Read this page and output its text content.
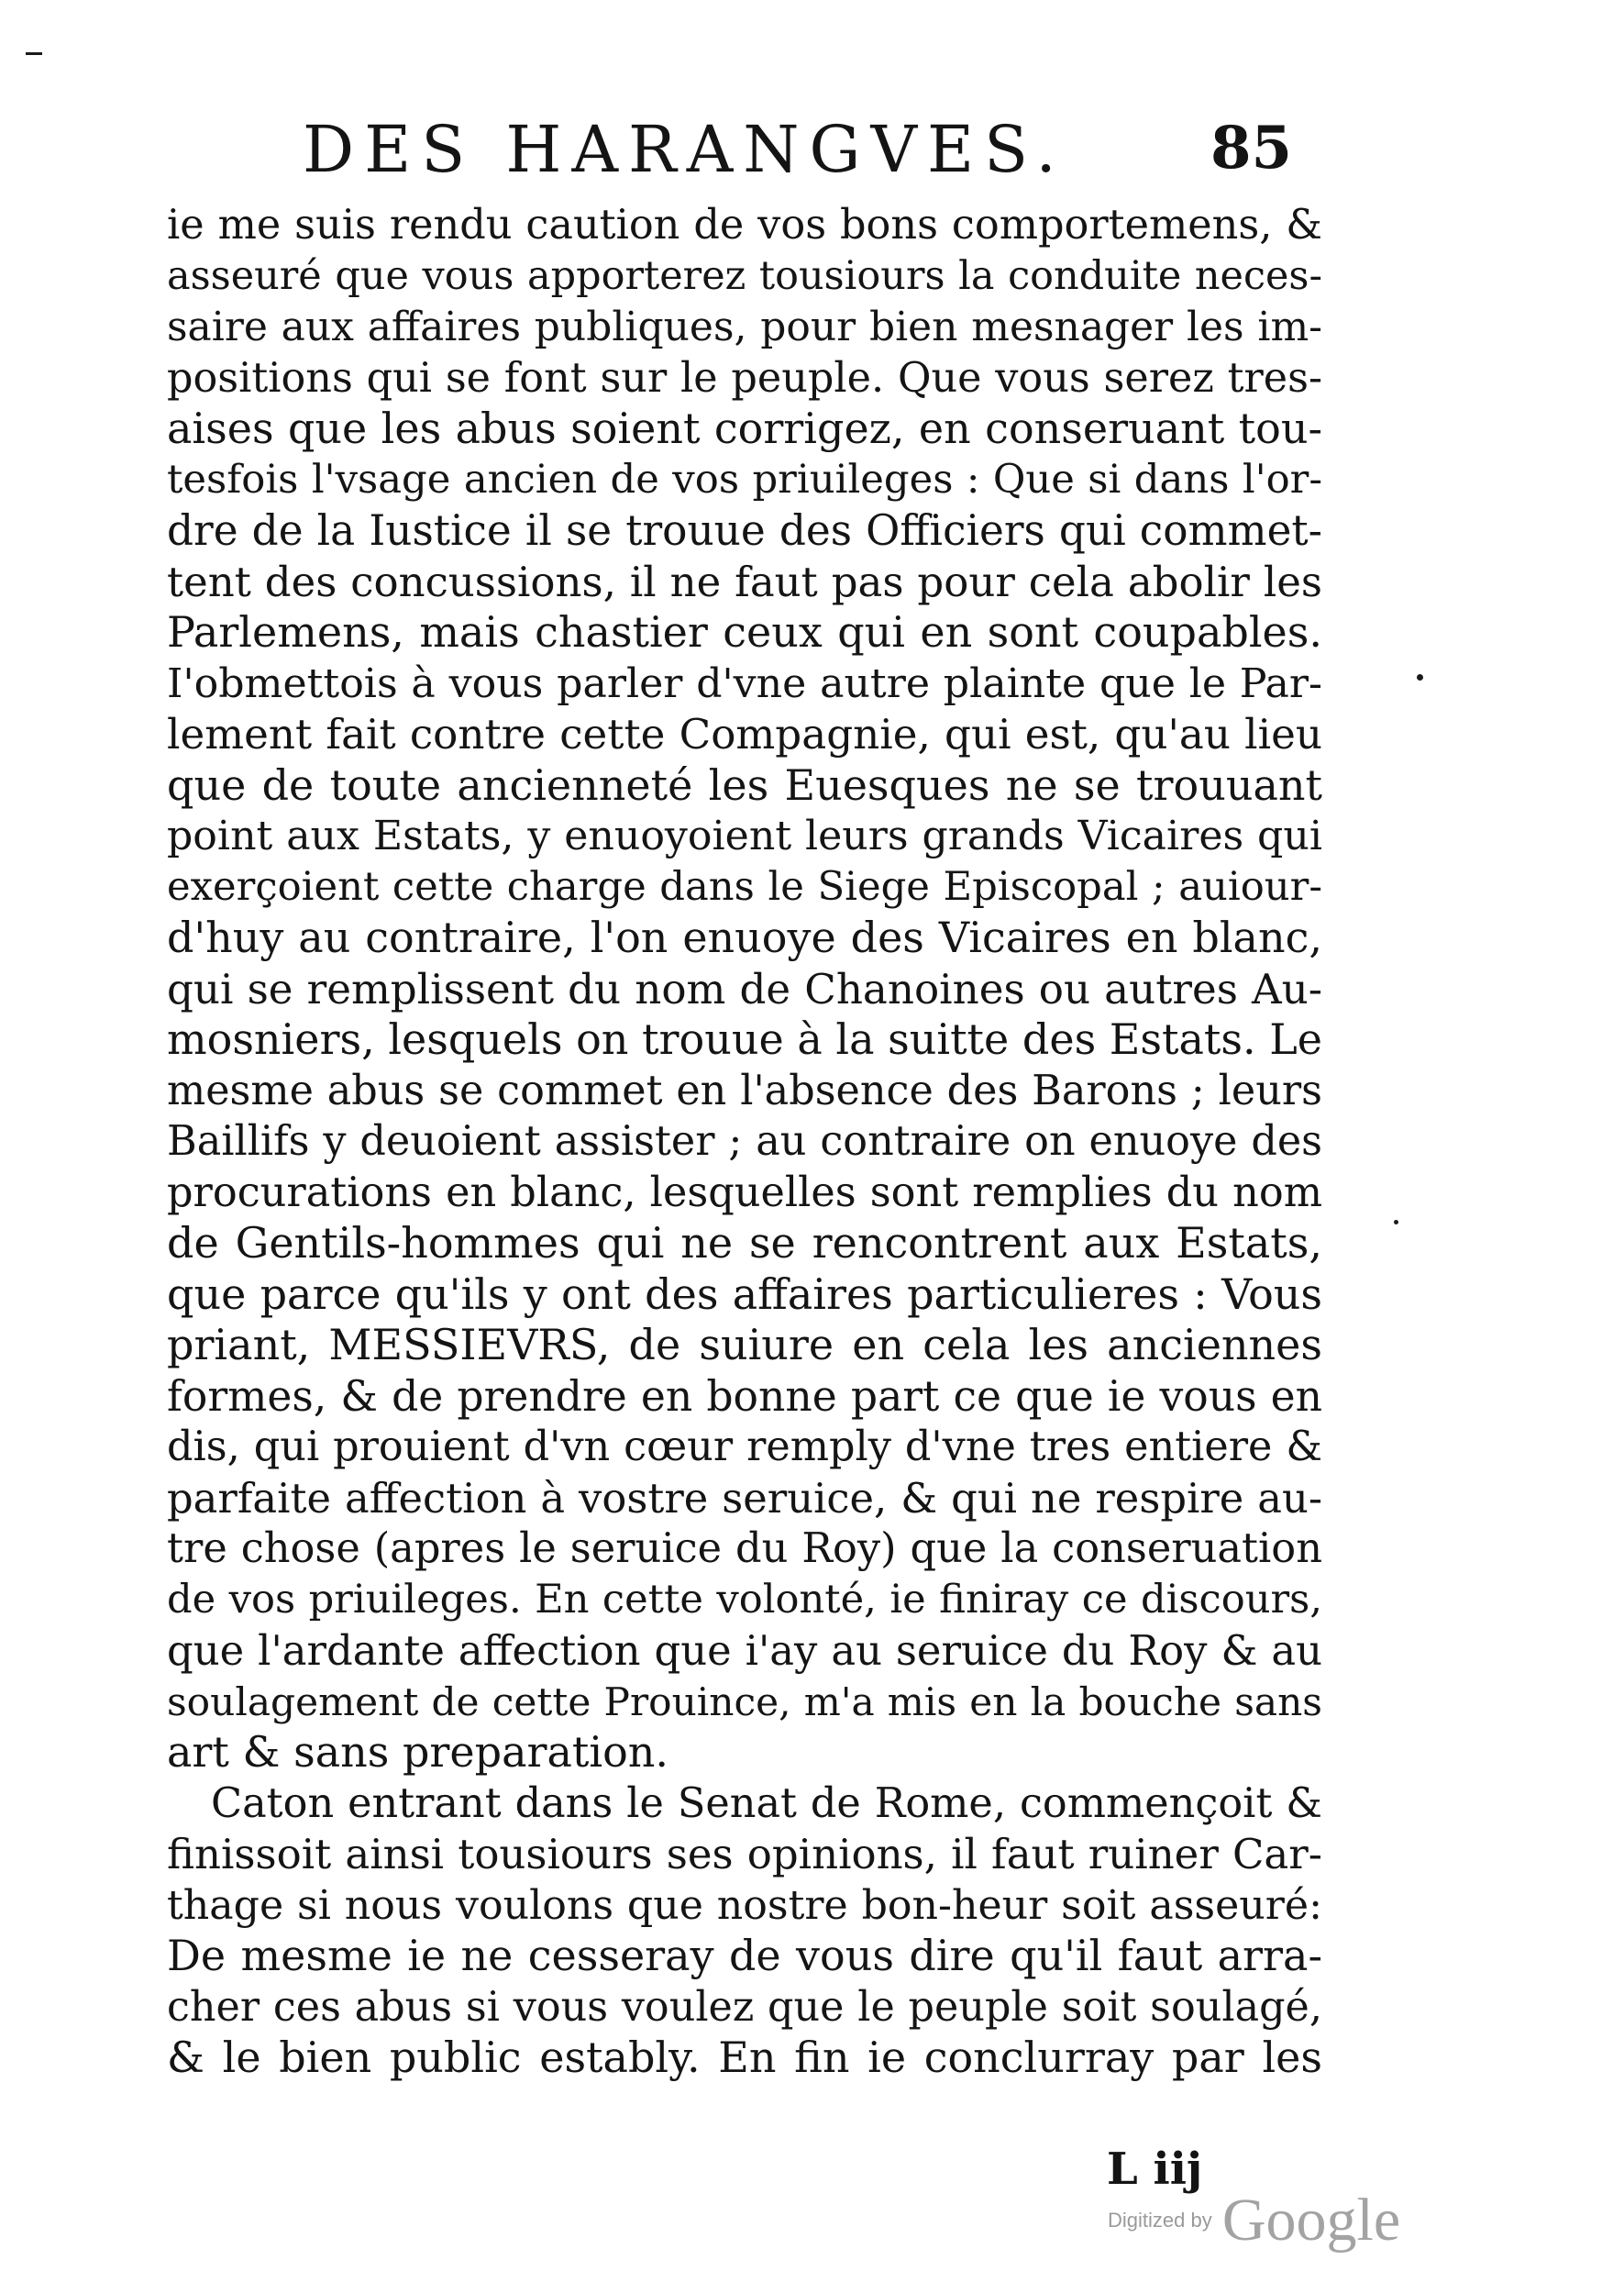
DES HARANGVES. 85
ie me suis rendu caution de vos bons comportemens, &
asseuré que vous apporterez tousiours la conduite neces-
saire aux affaires publiques, pour bien mesnager les im-
positions qui se font sur le peuple. Que vous serez tres-
aises que les abus soient corrigez, en conseruant tou-
tesfois l'vsage ancien de vos priuileges : Que si dans l'or-
dre de la Iustice il se trouue des Officiers qui commet-
tent des concussions, il ne faut pas pour cela abolir les
Parlemens, mais chastier ceux qui en sont coupables.
I'obmettois à vous parler d'vne autre plainte que le Par-
lement fait contre cette Compagnie, qui est, qu'au lieu
que de toute ancienneté les Euesques ne se trouuant
point aux Estats, y enuoyoient leurs grands Vicaires qui
exerçoient cette charge dans le Siege Episcopal ; auiour-
d'huy au contraire, l'on enuoye des Vicaires en blanc,
qui se remplissent du nom de Chanoines ou autres Au-
mosniers, lesquels on trouue à la suitte des Estats. Le
mesme abus se commet en l'absence des Barons ; leurs
Baillifs y deuoient assister ; au contraire on enuoye des
procurations en blanc, lesquelles sont remplies du nom
de Gentils-hommes qui ne se rencontrent aux Estats,
que parce qu'ils y ont des affaires particulieres : Vous
priant, MESSIEVRS, de suiure en cela les anciennes
formes, & de prendre en bonne part ce que ie vous en
dis, qui prouient d'vn cœur remply d'vne tres entiere &
parfaite affection à vostre seruice, & qui ne respire au-
tre chose (apres le seruice du Roy) que la conseruation
de vos priuileges. En cette volonté, ie finiray ce discours,
que l'ardante affection que i'ay au seruice du Roy & au
soulagement de cette Prouince, m'a mis en la bouche sans
art & sans preparation.
Caton entrant dans le Senat de Rome, commençoit &
finissoit ainsi tousiours ses opinions, il faut ruiner Car-
thage si nous voulons que nostre bon-heur soit asseuré:
De mesme ie ne cesseray de vous dire qu'il faut arra-
cher ces abus si vous voulez que le peuple soit soulagé,
& le bien public estably. En fin ie conclurray par les
L iij
Digitized by Google
